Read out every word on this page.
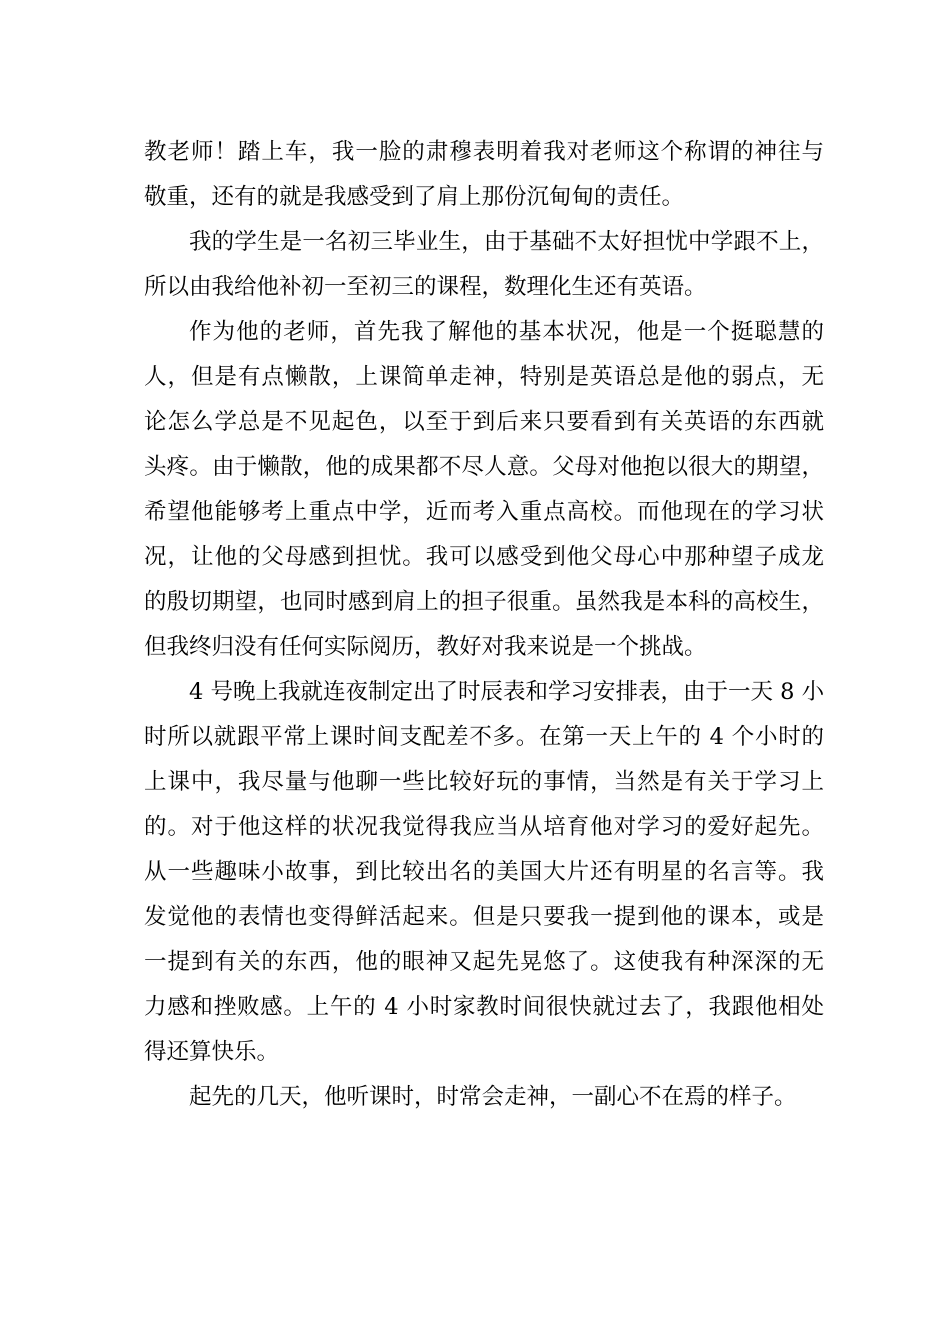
教老师！踏上车，我一脸的肃穆表明着我对老师这个称谓的神往与
敬重，还有的就是我感受到了肩上那份沉甸甸的责任。
我的学生是一名初三毕业生，由于基础不太好担忧中学跟不上，
所以由我给他补初一至初三的课程，数理化生还有英语。
作为他的老师，首先我了解他的基本状况，他是一个挺聪慧的
人，但是有点懒散，上课简单走神，特别是英语总是他的弱点，无
论怎么学总是不见起色，以至于到后来只要看到有关英语的东西就
头疼。由于懒散，他的成果都不尽人意。父母对他抱以很大的期望，
希望他能够考上重点中学，近而考入重点高校。而他现在的学习状
况，让他的父母感到担忧。我可以感受到他父母心中那种望子成龙
的殷切期望，也同时感到肩上的担子很重。虽然我是本科的高校生，
但我终归没有任何实际阅历，教好对我来说是一个挑战。
4 号晚上我就连夜制定出了时辰表和学习安排表，由于一天 8 小
时所以就跟平常上课时间支配差不多。在第一天上午的 4 个小时的
上课中，我尽量与他聊一些比较好玩的事情，当然是有关于学习上
的。对于他这样的状况我觉得我应当从培育他对学习的爱好起先。
从一些趣味小故事，到比较出名的美国大片还有明星的名言等。我
发觉他的表情也变得鲜活起来。但是只要我一提到他的课本，或是
一提到有关的东西，他的眼神又起先晃悠了。这使我有种深深的无
力感和挫败感。上午的 4 小时家教时间很快就过去了，我跟他相处
得还算快乐。
起先的几天，他听课时，时常会走神，一副心不在焉的样子。
